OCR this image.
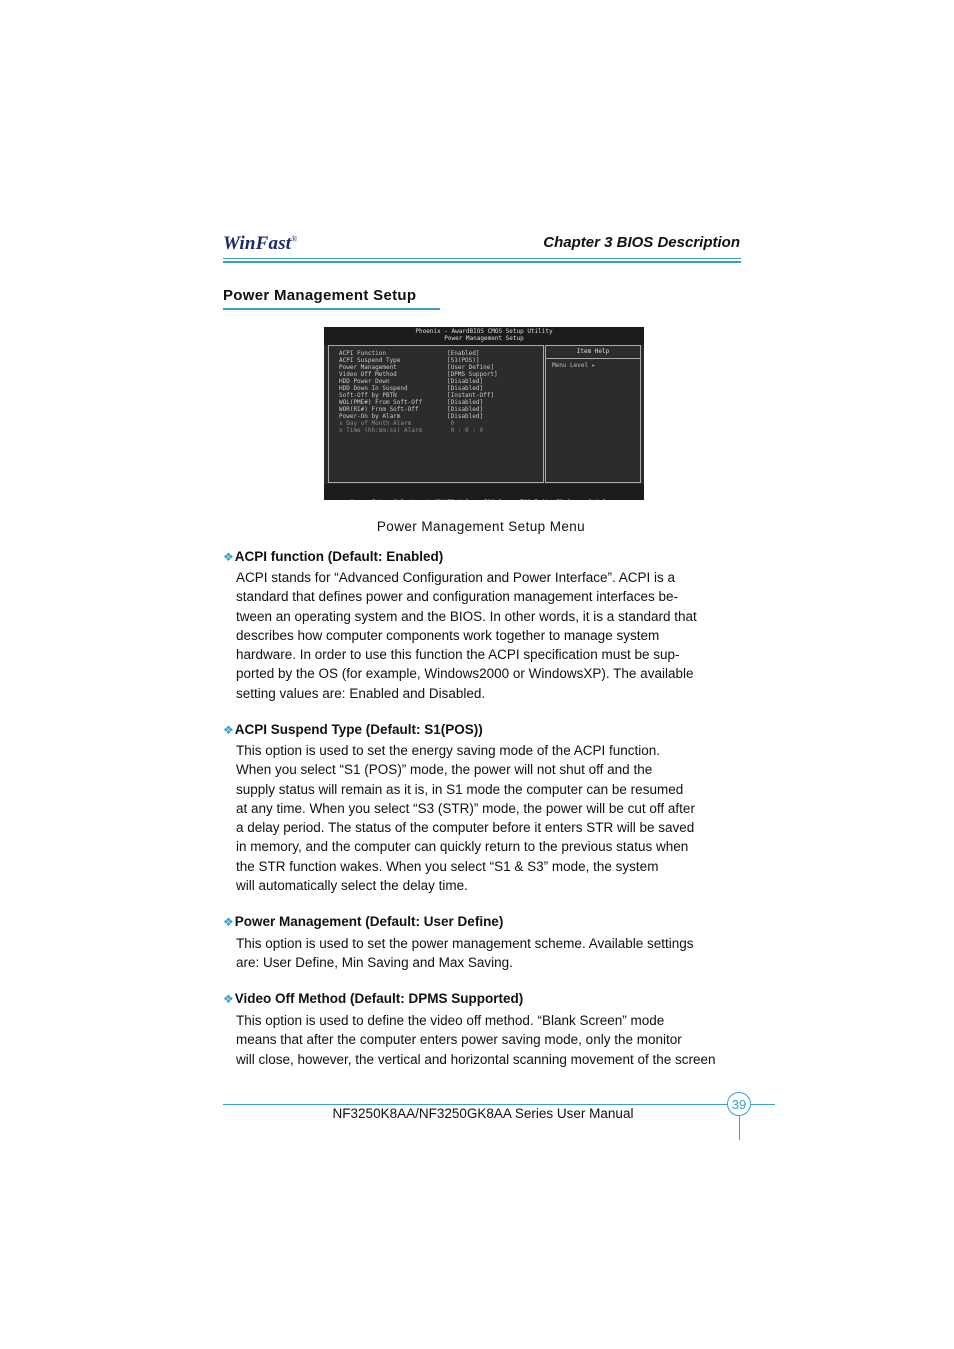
WinFast®	Chapter 3 BIOS Description
Power Management Setup
Phoenix - AwardBIOS CMOS Setup Utility
Power Management Setup
ACPI Function	[Enabled]
ACPI Suspend Type	[S1(POS)]
Power Management	[User Define]
Video Off Method	[DPMS Support]
HDD Power Down	[Disabled]
HDD Down In Suspend	[Disabled]
Soft-Off by PBTN	[Instant-Off]
WOL(PME#) From Soft-Off	[Disabled]
WOR(RI#) From Soft-Off	[Disabled]
Power-On by Alarm	[Disabled]
x Day of Month Alarm	0
x Time (hh:mm:ss) Alarm	0 : 0 : 0
Item Help
Menu Level ▸

Power Management Setup Menu
❖ACPI function (Default: Enabled)
ACPI stands for “Advanced Configuration and Power Interface”. ACPI is a
standard that defines power and configuration management interfaces be-
tween an operating system and the BIOS. In other words, it is a standard that
describes how computer components work together to manage system
hardware. In order to use this function the ACPI specification must be sup-
ported by the OS (for example, Windows2000 or WindowsXP). The available
setting values are: Enabled and Disabled.
❖ACPI Suspend Type (Default: S1(POS))
This option is used to set the energy saving mode of the ACPI function.
When you select “S1 (POS)” mode, the power will not shut off and the
supply status will remain as it is, in S1 mode the computer can be resumed
at any time. When you select “S3 (STR)” mode, the power will be cut off after
a delay period. The status of the computer before it enters STR will be saved
in memory, and the computer can quickly return to the previous status when
the STR function wakes. When you select “S1 & S3” mode, the system
will automatically select the delay time.
❖Power Management (Default: User Define)
This option is used to set the power management scheme. Available settings
are: User Define, Min Saving and Max Saving.
❖Video Off Method (Default: DPMS Supported)
This option is used to define the video off method. “Blank Screen” mode
means that after the computer enters power saving mode, only the monitor
will close, however, the vertical and horizontal scanning movement of the screen
39
NF3250K8AA/NF3250GK8AA Series User Manual
